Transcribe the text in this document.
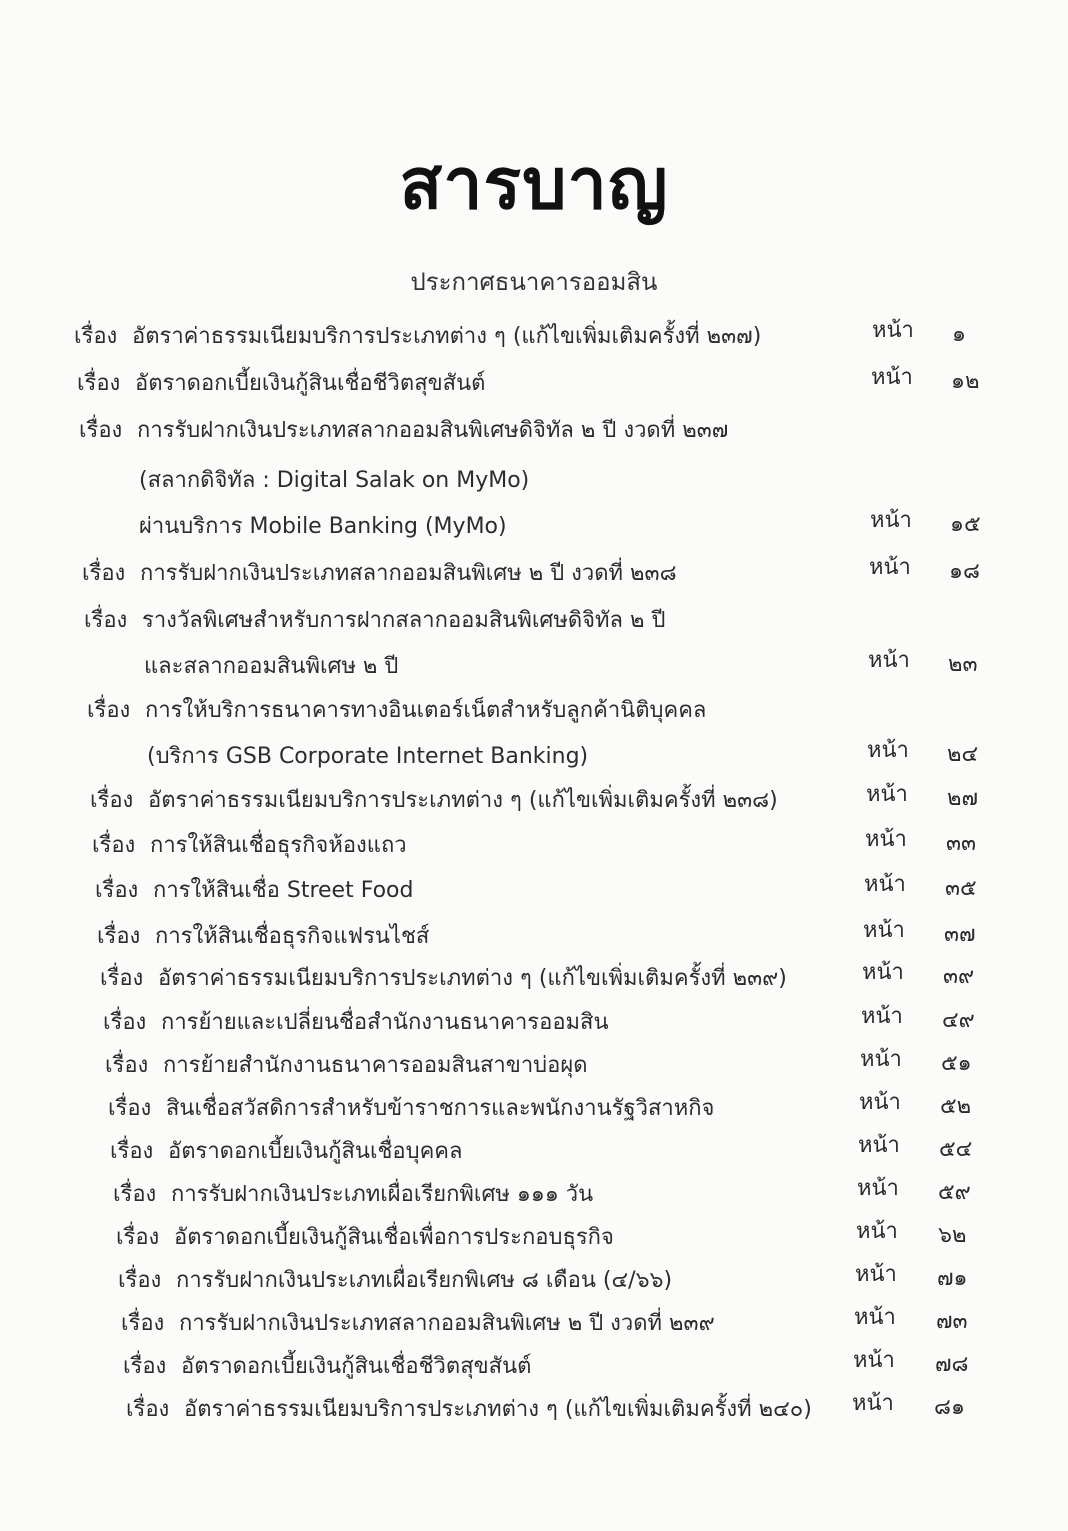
สารบาญ
ประกาศธนาคารออมสิน
เรื่อง อัตราค่าธรรมเนียมบริการประเภทต่าง ๆ (แก้ไขเพิ่มเติมครั้งที่ ๒๓๗)	หน้า ๑
เรื่อง อัตราดอกเบี้ยเงินกู้สินเชื่อชีวิตสุขสันต์	หน้า ๑๒
เรื่อง การรับฝากเงินประเภทสลากออมสินพิเศษดิจิทัล ๒ ปี งวดที่ ๒๓๗
(สลากดิจิทัล : Digital Salak on MyMo)
ผ่านบริการ Mobile Banking (MyMo)	หน้า ๑๕
เรื่อง การรับฝากเงินประเภทสลากออมสินพิเศษ ๒ ปี งวดที่ ๒๓๘	หน้า ๑๘
เรื่อง รางวัลพิเศษสำหรับการฝากสลากออมสินพิเศษดิจิทัล ๒ ปี
และสลากออมสินพิเศษ ๒ ปี	หน้า ๒๓
เรื่อง การให้บริการธนาคารทางอินเตอร์เน็ตสำหรับลูกค้านิติบุคคล
(บริการ GSB Corporate Internet Banking)	หน้า ๒๔
เรื่อง อัตราค่าธรรมเนียมบริการประเภทต่าง ๆ (แก้ไขเพิ่มเติมครั้งที่ ๒๓๘)	หน้า ๒๗
เรื่อง การให้สินเชื่อธุรกิจห้องแถว	หน้า ๓๓
เรื่อง การให้สินเชื่อ Street Food	หน้า ๓๕
เรื่อง การให้สินเชื่อธุรกิจแฟรนไชส์	หน้า ๓๗
เรื่อง อัตราค่าธรรมเนียมบริการประเภทต่าง ๆ (แก้ไขเพิ่มเติมครั้งที่ ๒๓๙)	หน้า ๓๙
เรื่อง การย้ายและเปลี่ยนชื่อสำนักงานธนาคารออมสิน	หน้า ๔๙
เรื่อง การย้ายสำนักงานธนาคารออมสินสาขาบ่อผุด	หน้า ๕๑
เรื่อง สินเชื่อสวัสดิการสำหรับข้าราชการและพนักงานรัฐวิสาหกิจ	หน้า ๕๒
เรื่อง อัตราดอกเบี้ยเงินกู้สินเชื่อบุคคล	หน้า ๕๔
เรื่อง การรับฝากเงินประเภทเผื่อเรียกพิเศษ ๑๑๑ วัน	หน้า ๕๙
เรื่อง อัตราดอกเบี้ยเงินกู้สินเชื่อเพื่อการประกอบธุรกิจ	หน้า ๖๒
เรื่อง การรับฝากเงินประเภทเผื่อเรียกพิเศษ ๘ เดือน (๔/๖๖)	หน้า ๗๑
เรื่อง การรับฝากเงินประเภทสลากออมสินพิเศษ ๒ ปี งวดที่ ๒๓๙	หน้า ๗๓
เรื่อง อัตราดอกเบี้ยเงินกู้สินเชื่อชีวิตสุขสันต์	หน้า ๗๘
เรื่อง อัตราค่าธรรมเนียมบริการประเภทต่าง ๆ (แก้ไขเพิ่มเติมครั้งที่ ๒๔๐) หน้า ๘๑
